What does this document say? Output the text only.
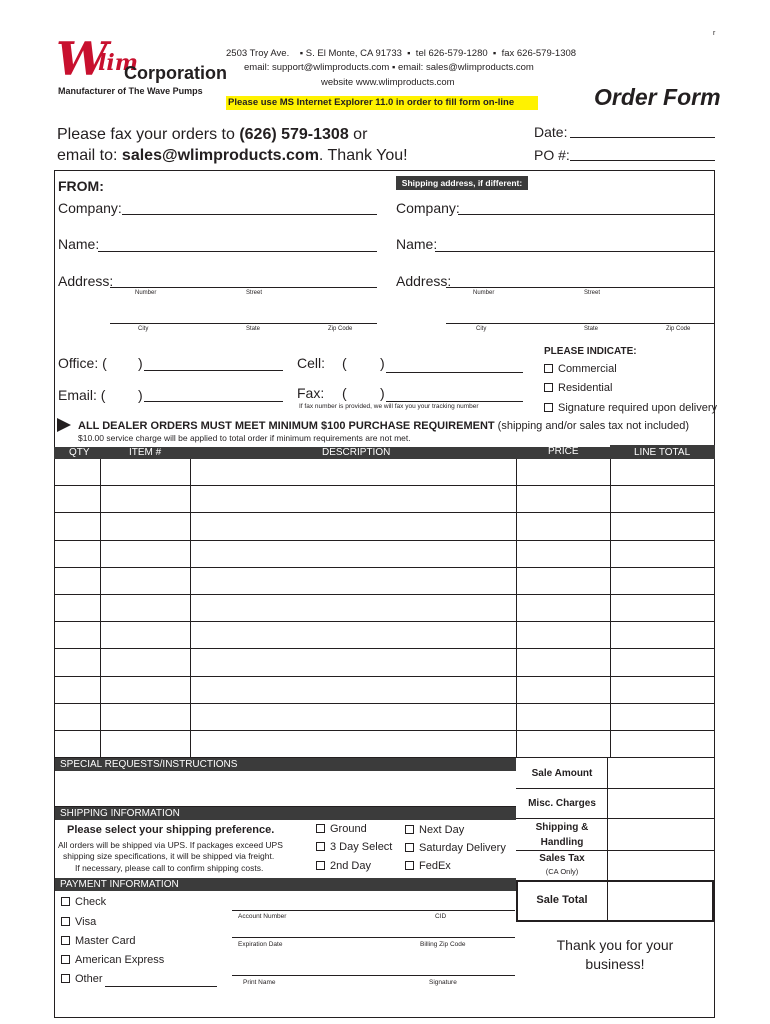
r
W
lim
Corporation
Manufacturer of The Wave Pumps
2503 Troy Ave.    ▪ S. El Monte, CA 91733  ▪  tel 626-579-1280  ▪  fax 626-579-1308
email: support@wlimproducts.com ▪ email: sales@wlimproducts.com
website www.wlimproducts.com
Please use MS Internet Explorer 11.0 in order to fill form on-line	Order Form
Please fax your orders to (626) 579-1308 or
email to: sales@wlimproducts.com. Thank You!
Date:
PO #:
FROM:
Company:
Name:
Address:
Number	Street
City	State	Zip Code
Shipping address, if different:
Company:
Name:
Address:
Number	Street
City	State	Zip Code
Office: ( )
Email: ( )
Cell: ( )
Fax: ( )
If fax number is provided, we will fax you your tracking number
PLEASE INDICATE:
Commercial
Residential
Signature required upon delivery
ALL DEALER ORDERS MUST MEET MINIMUM $100 PURCHASE REQUIREMENT (shipping and/or sales tax not included)
$10.00 service charge will be applied to total order if minimum requirements are not met.
QTY	ITEM #	DESCRIPTION	PRICE	LINE TOTAL
SPECIAL REQUESTS/INSTRUCTIONS
Sale Amount
Misc. Charges
Shipping &
Handling
Sales Tax
(CA Only)
Sale Total
SHIPPING INFORMATION
Please select your shipping preference.
All orders will be shipped via UPS. If packages exceed UPS
shipping size specifications, it will be shipped via freight.
If necessary, please call to confirm shipping costs.
Ground
3 Day Select
2nd Day
Next Day
Saturday Delivery
FedEx
PAYMENT INFORMATION
Check
Visa
Master Card
American Express
Other
Account Number	CID
Expiration Date	Billing Zip Code
Print Name	Signature
Thank you for your
business!
